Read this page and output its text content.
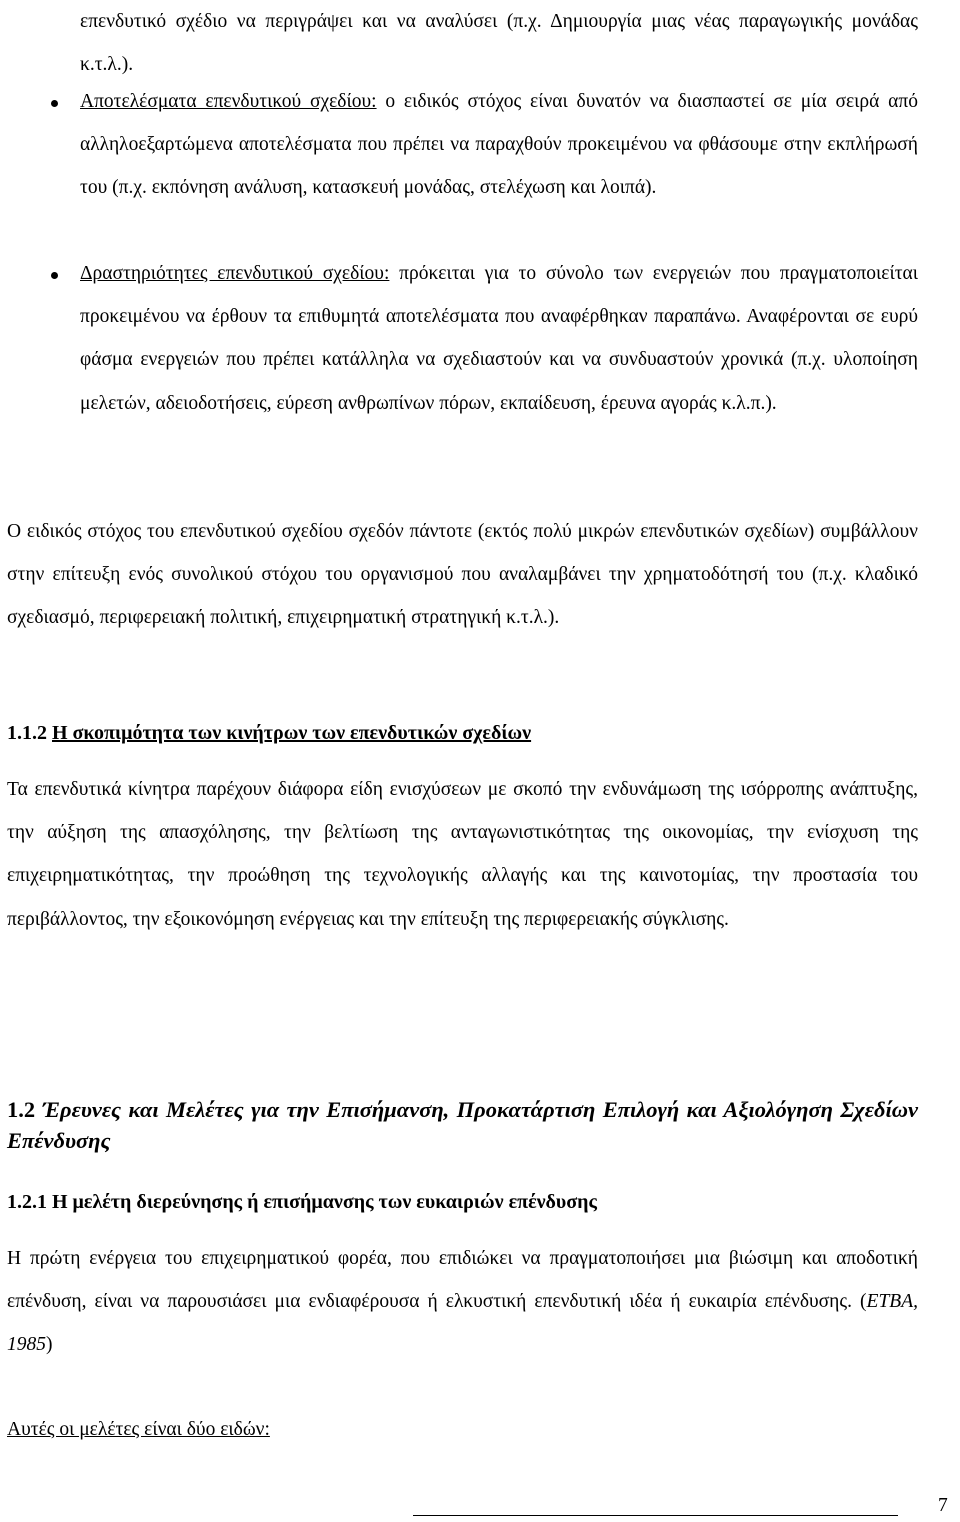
επενδυτικό σχέδιο να περιγράψει και να αναλύσει (π.χ. Δημιουργία μιας νέας παραγωγικής μονάδας κ.τ.λ.).

Αποτελέσματα επενδυτικού σχεδίου: ο ειδικός στόχος είναι δυνατόν να διασπαστεί σε μία σειρά από αλληλοεξαρτώμενα αποτελέσματα που πρέπει να παραχθούν προκειμένου να φθάσουμε στην εκπλήρωσή του (π.χ. εκπόνηση ανάλυση, κατασκευή μονάδας, στελέχωση και λοιπά).

Δραστηριότητες επενδυτικού σχεδίου: πρόκειται για το σύνολο των ενεργειών που πραγματοποιείται προκειμένου να έρθουν τα επιθυμητά αποτελέσματα που αναφέρθηκαν παραπάνω. Αναφέρονται σε ευρύ φάσμα ενεργειών που πρέπει κατάλληλα να σχεδιαστούν και να συνδυαστούν χρονικά (π.χ. υλοποίηση μελετών, αδειοδοτήσεις, εύρεση ανθρωπίνων πόρων, εκπαίδευση, έρευνα αγοράς κ.λ.π.).

Ο ειδικός στόχος του επενδυτικού σχεδίου σχεδόν πάντοτε (εκτός πολύ μικρών επενδυτικών σχεδίων) συμβάλλουν στην επίτευξη ενός συνολικού στόχου του οργανισμού που αναλαμβάνει την χρηματοδότησή του (π.χ. κλαδικό σχεδιασμό, περιφερειακή πολιτική, επιχειρηματική στρατηγική κ.τ.λ.).

1.1.2 Η σκοπιμότητα των κινήτρων των επενδυτικών σχεδίων

Τα επενδυτικά κίνητρα παρέχουν διάφορα είδη ενισχύσεων με σκοπό την ενδυνάμωση της ισόρροπης ανάπτυξης, την αύξηση της απασχόλησης, την βελτίωση της ανταγωνιστικότητας της οικονομίας, την ενίσχυση της επιχειρηματικότητας, την προώθηση της τεχνολογικής αλλαγής και της καινοτομίας, την προστασία του περιβάλλοντος, την εξοικονόμηση ενέργειας και την επίτευξη της περιφερειακής σύγκλισης.

1.2 Έρευνες και Μελέτες για την Επισήμανση, Προκατάρτιση Επιλογή και Αξιολόγηση Σχεδίων Επένδυσης
1.2.1 Η μελέτη διερεύνησης ή επισήμανσης των ευκαιριών επένδυσης

Η πρώτη ενέργεια του επιχειρηματικού φορέα, που επιδιώκει να πραγματοποιήσει μια βιώσιμη και αποδοτική επένδυση, είναι να παρουσιάσει μια ενδιαφέρουσα ή ελκυστική επενδυτική ιδέα ή ευκαιρία επένδυσης. (ETBA, 1985)

Αυτές οι μελέτες είναι δύο ειδών:

7
